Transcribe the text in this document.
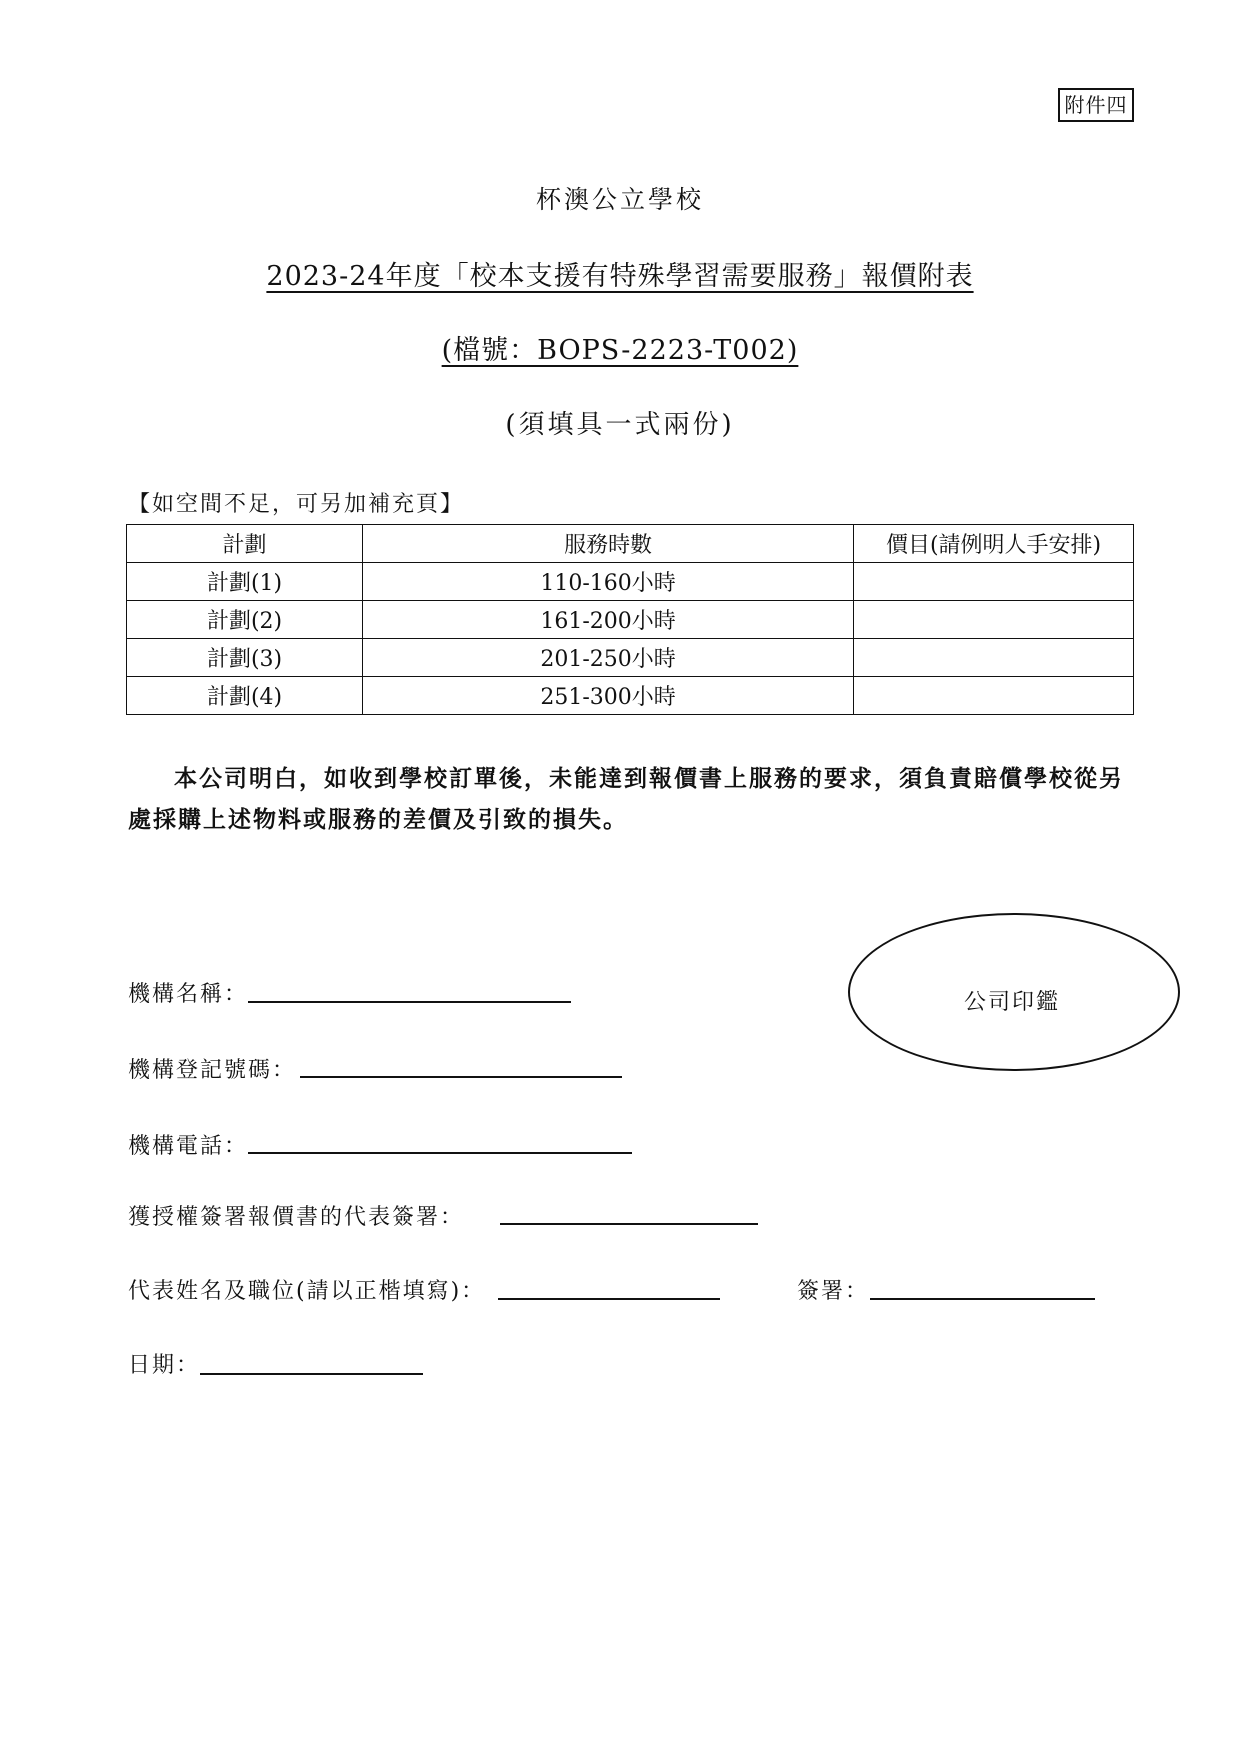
附件四
杯澳公立學校
2023-24年度「校本支援有特殊學習需要服務」報價附表
(檔號：BOPS-2223-T002)
(須填具一式兩份)
【如空間不足，可另加補充頁】
計劃	服務時數	價目(請例明人手安排)
計劃(1)	110-160小時	
計劃(2)	161-200小時	
計劃(3)	201-250小時	
計劃(4)	251-300小時	
本公司明白，如收到學校訂單後，未能達到報價書上服務的要求，須負責賠償學校從另處採購上述物料或服務的差價及引致的損失。
公司印鑑
機構名稱：
機構登記號碼：
機構電話：
獲授權簽署報價書的代表簽署：
代表姓名及職位(請以正楷填寫)：	簽署：
日期：
